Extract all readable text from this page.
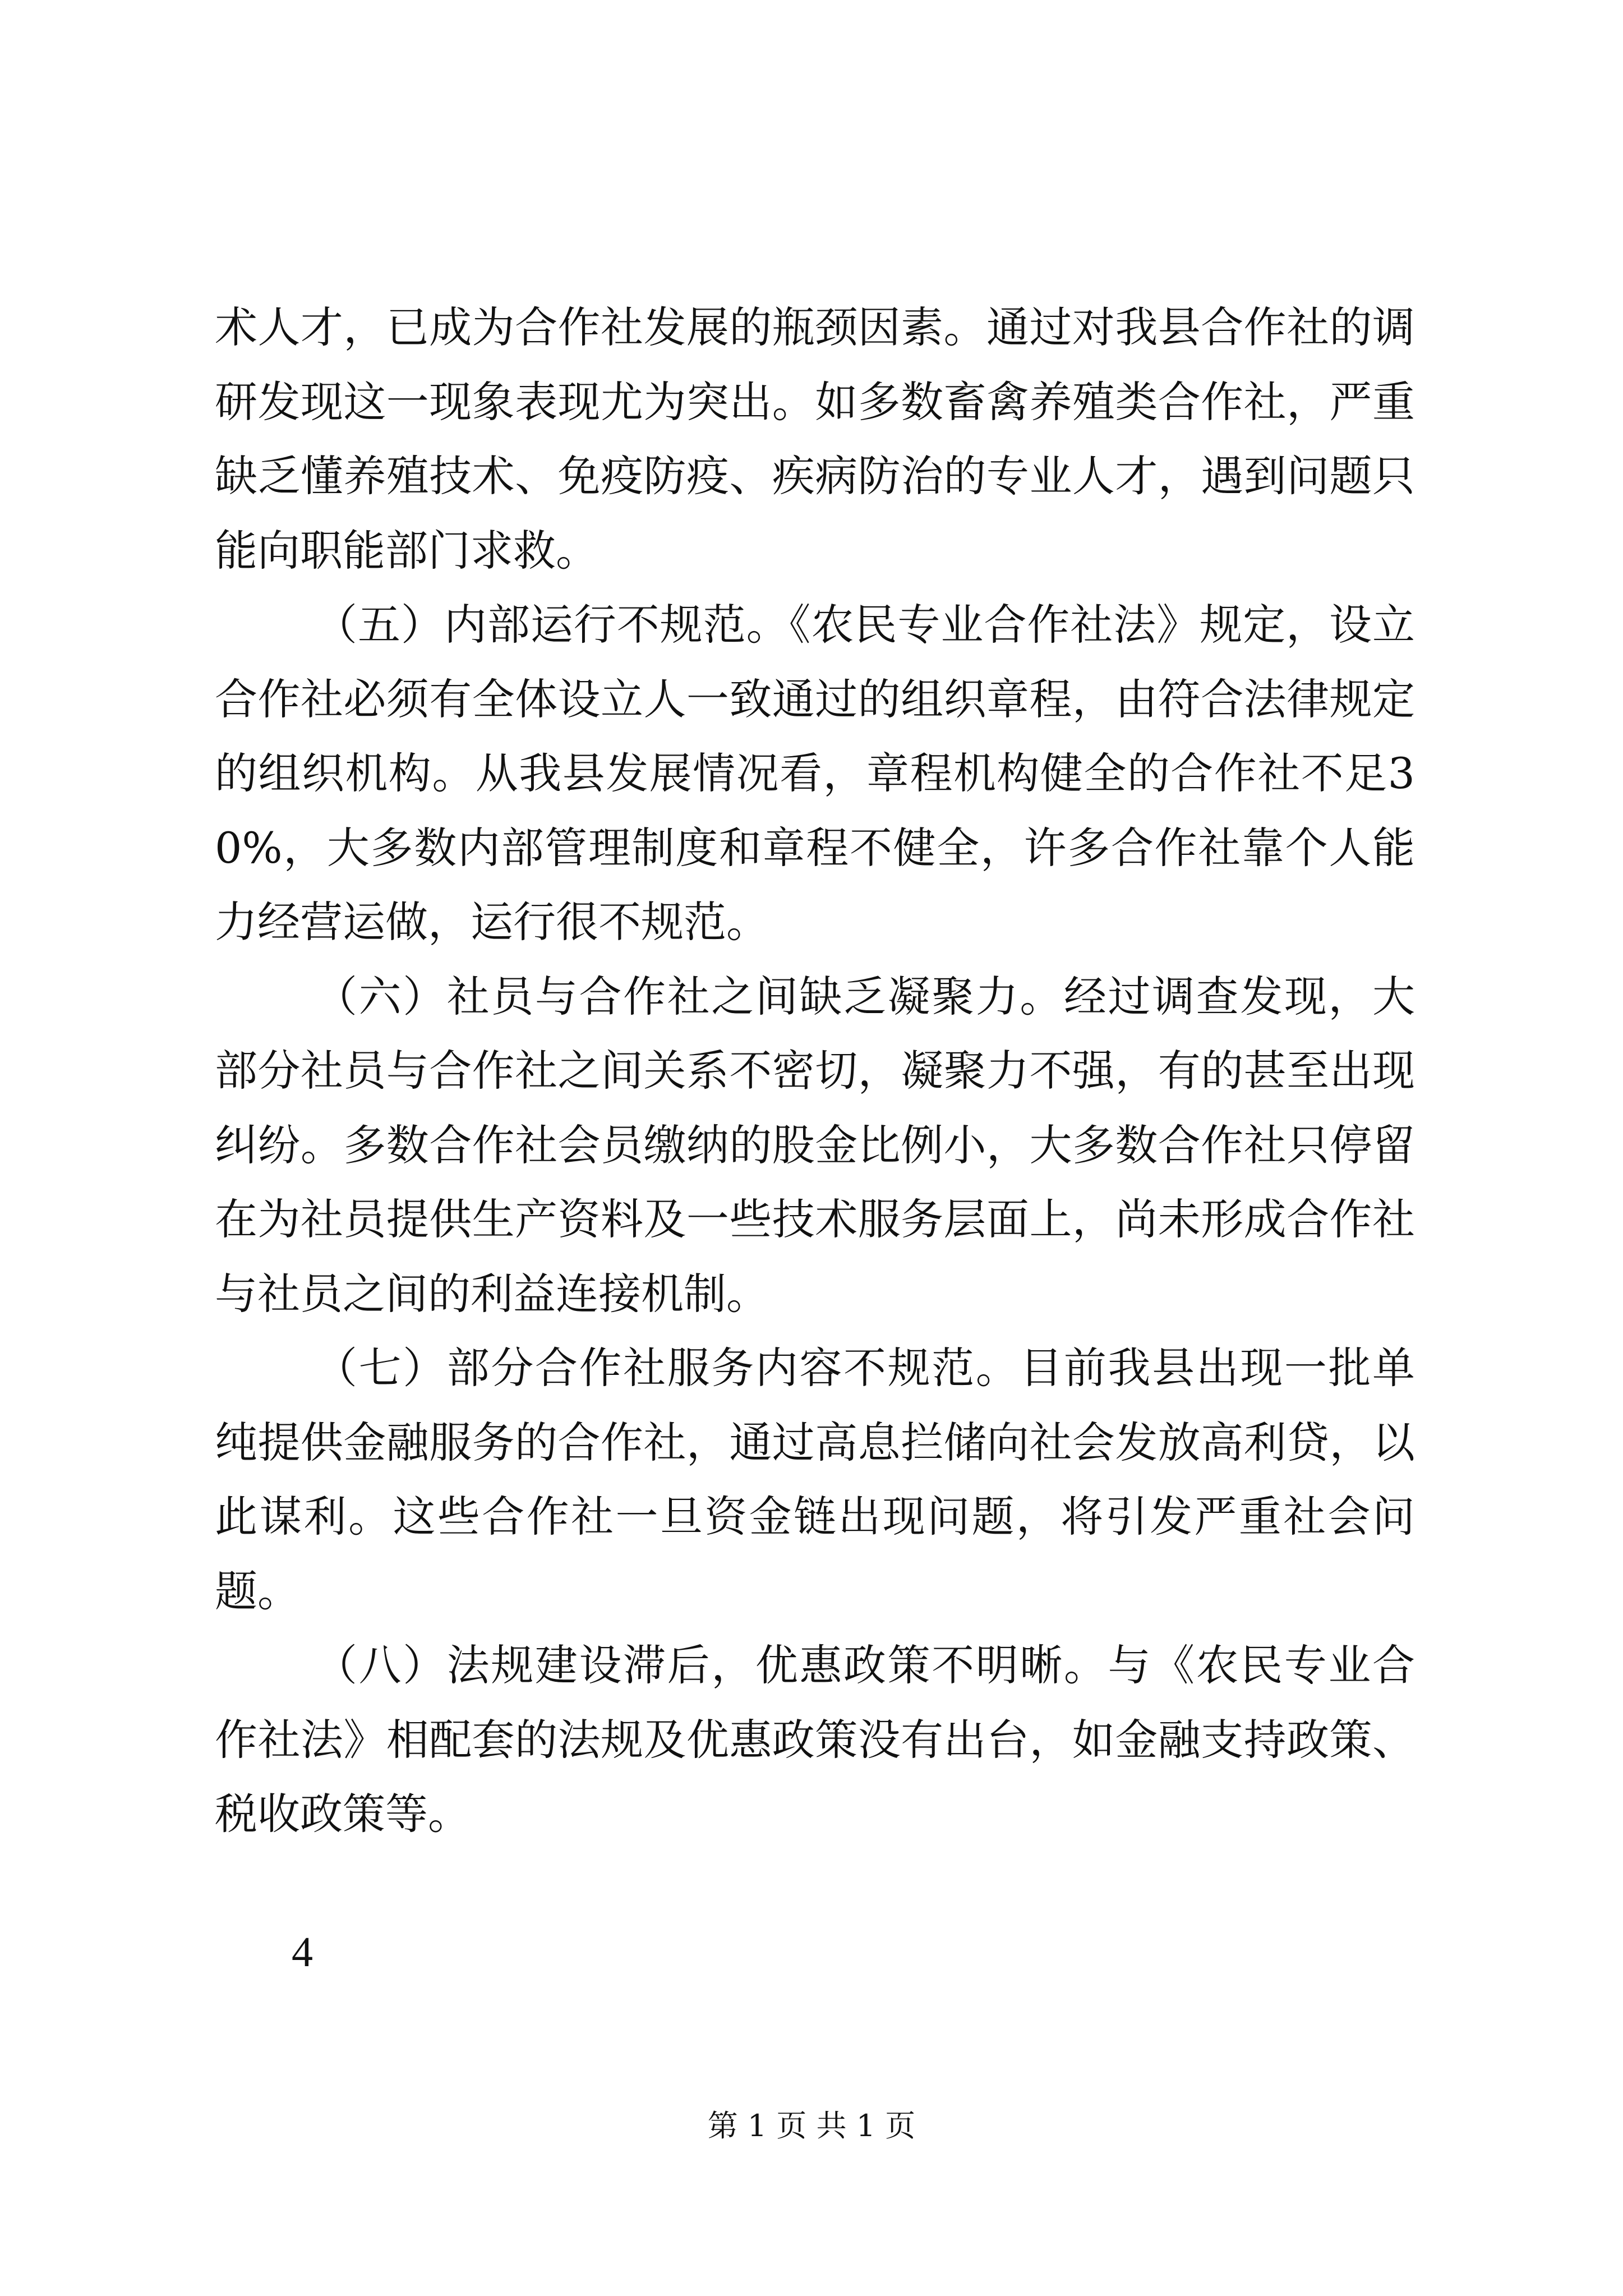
术人才，已成为合作社发展的瓶颈因素。通过对我县合作社的调研发现这一现象表现尤为突出。如多数畜禽养殖类合作社，严重缺乏懂养殖技术、免疫防疫、疾病防治的专业人才，遇到问题只能向职能部门求救。

（五）内部运行不规范。《农民专业合作社法》规定，设立合作社必须有全体设立人一致通过的组织章程，由符合法律规定的组织机构。从我县发展情况看，章程机构健全的合作社不足30%，大多数内部管理制度和章程不健全，许多合作社靠个人能力经营运做，运行很不规范。

（六）社员与合作社之间缺乏凝聚力。经过调查发现，大部分社员与合作社之间关系不密切，凝聚力不强，有的甚至出现纠纷。多数合作社会员缴纳的股金比例小，大多数合作社只停留在为社员提供生产资料及一些技术服务层面上，尚未形成合作社与社员之间的利益连接机制。

（七）部分合作社服务内容不规范。目前我县出现一批单纯提供金融服务的合作社，通过高息拦储向社会发放高利贷，以此谋利。这些合作社一旦资金链出现问题，将引发严重社会问题。

（八）法规建设滞后，优惠政策不明晰。与《农民专业合作社法》相配套的法规及优惠政策没有出台，如金融支持政策、税收政策等。

4
第 1 页 共 1 页
